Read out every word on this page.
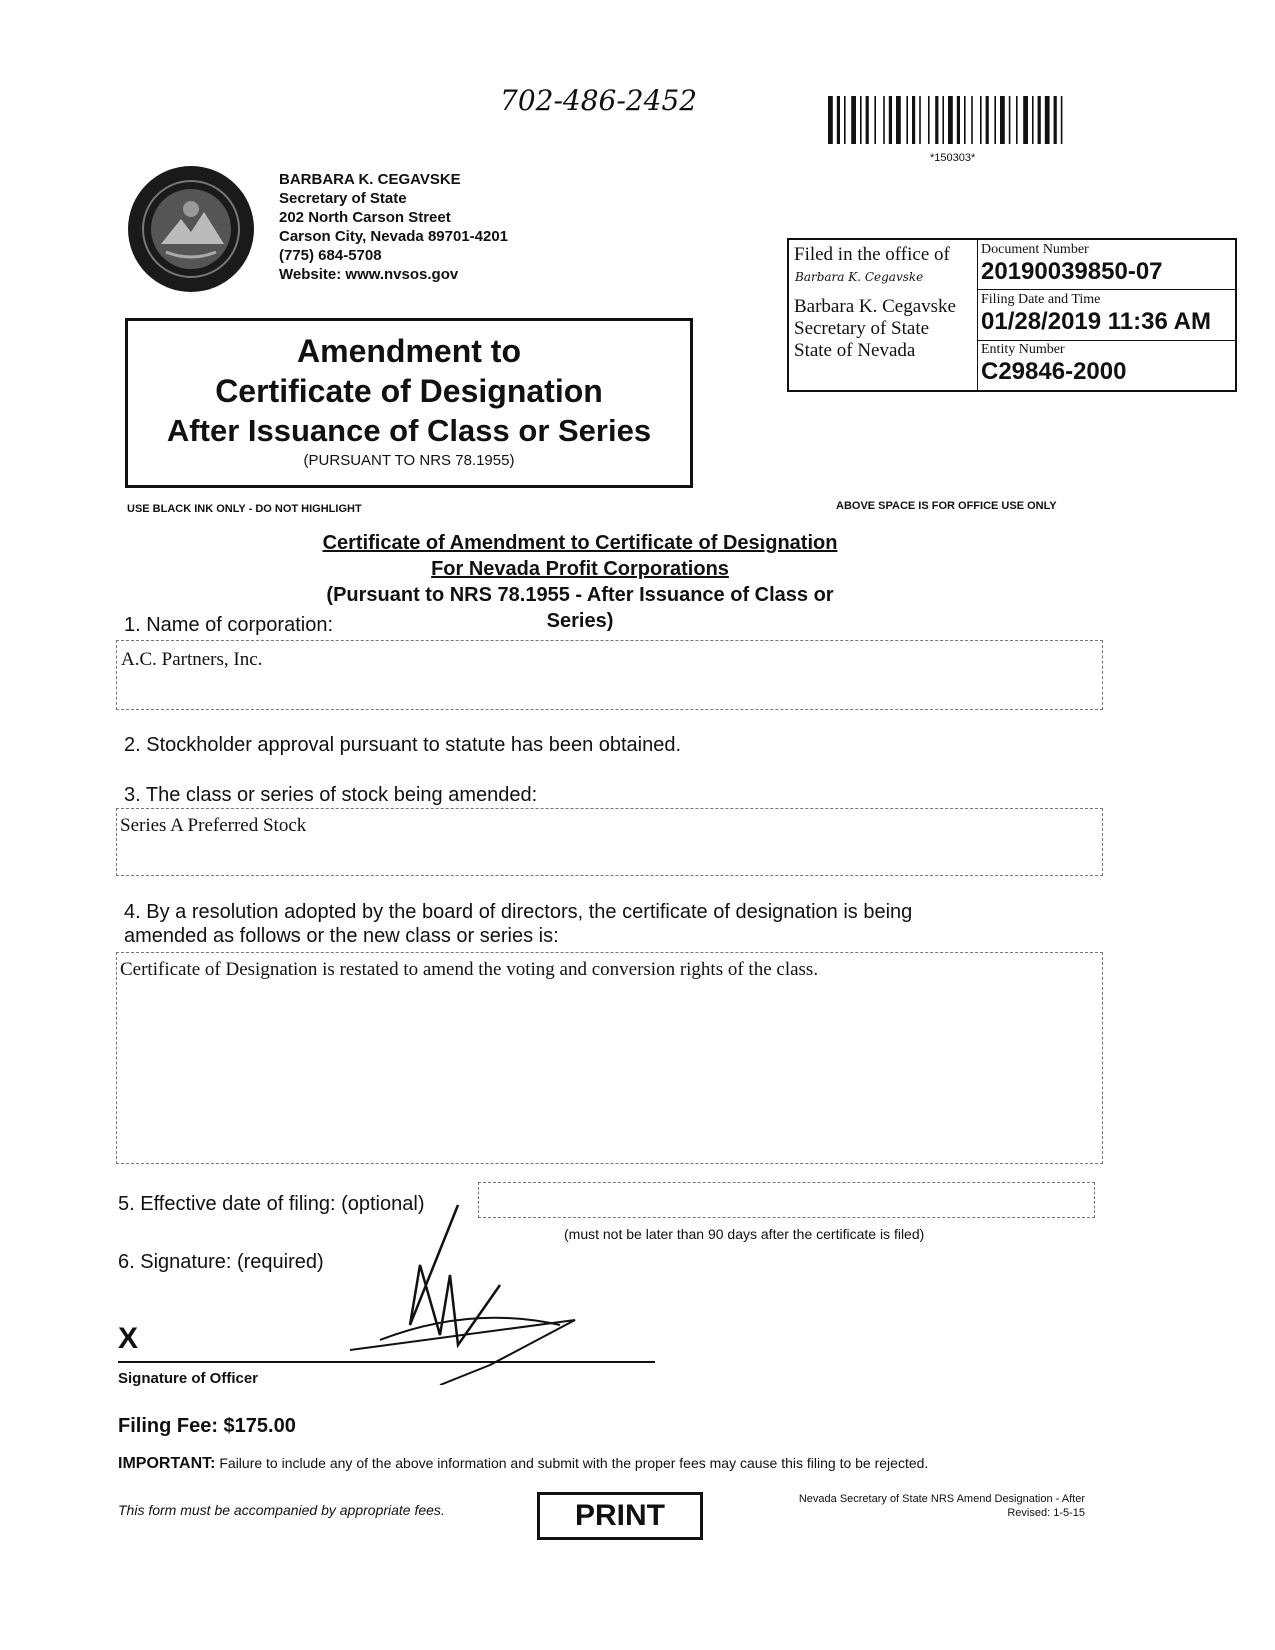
702-486-2452
*150303*
BARBARA K. CEGAVSKE
Secretary of State
202 North Carson Street
Carson City, Nevada 89701-4201
(775) 684-5708
Website: www.nvsos.gov
Amendment to
Certificate of Designation
After Issuance of Class or Series
(PURSUANT TO NRS 78.1955)
Filed in the office of
Barbara K. Cegavske
Barbara K. Cegavske
Secretary of State
State of Nevada
Document Number
20190039850-07
Filing Date and Time
01/28/2019 11:36 AM
Entity Number
C29846-2000
USE BLACK INK ONLY - DO NOT HIGHLIGHT	ABOVE SPACE IS FOR OFFICE USE ONLY
Certificate of Amendment to Certificate of Designation
For Nevada Profit Corporations
(Pursuant to NRS 78.1955 - After Issuance of Class or
Series)
1. Name of corporation:
A.C. Partners, Inc.
2. Stockholder approval pursuant to statute has been obtained.
3. The class or series of stock being amended:
Series A Preferred Stock
4. By a resolution adopted by the board of directors, the certificate of designation is being
amended as follows or the new class or series is:
Certificate of Designation is restated to amend the voting and conversion rights of the class.
5. Effective date of filing: (optional)
(must not be later than 90 days after the certificate is filed)
6. Signature: (required)
X
Signature of Officer
Filing Fee: $175.00
IMPORTANT: Failure to include any of the above information and submit with the proper fees may cause this filing to be rejected.
This form must be accompanied by appropriate fees.	PRINT	Nevada Secretary of State NRS Amend Designation - After
Revised: 1-5-15
